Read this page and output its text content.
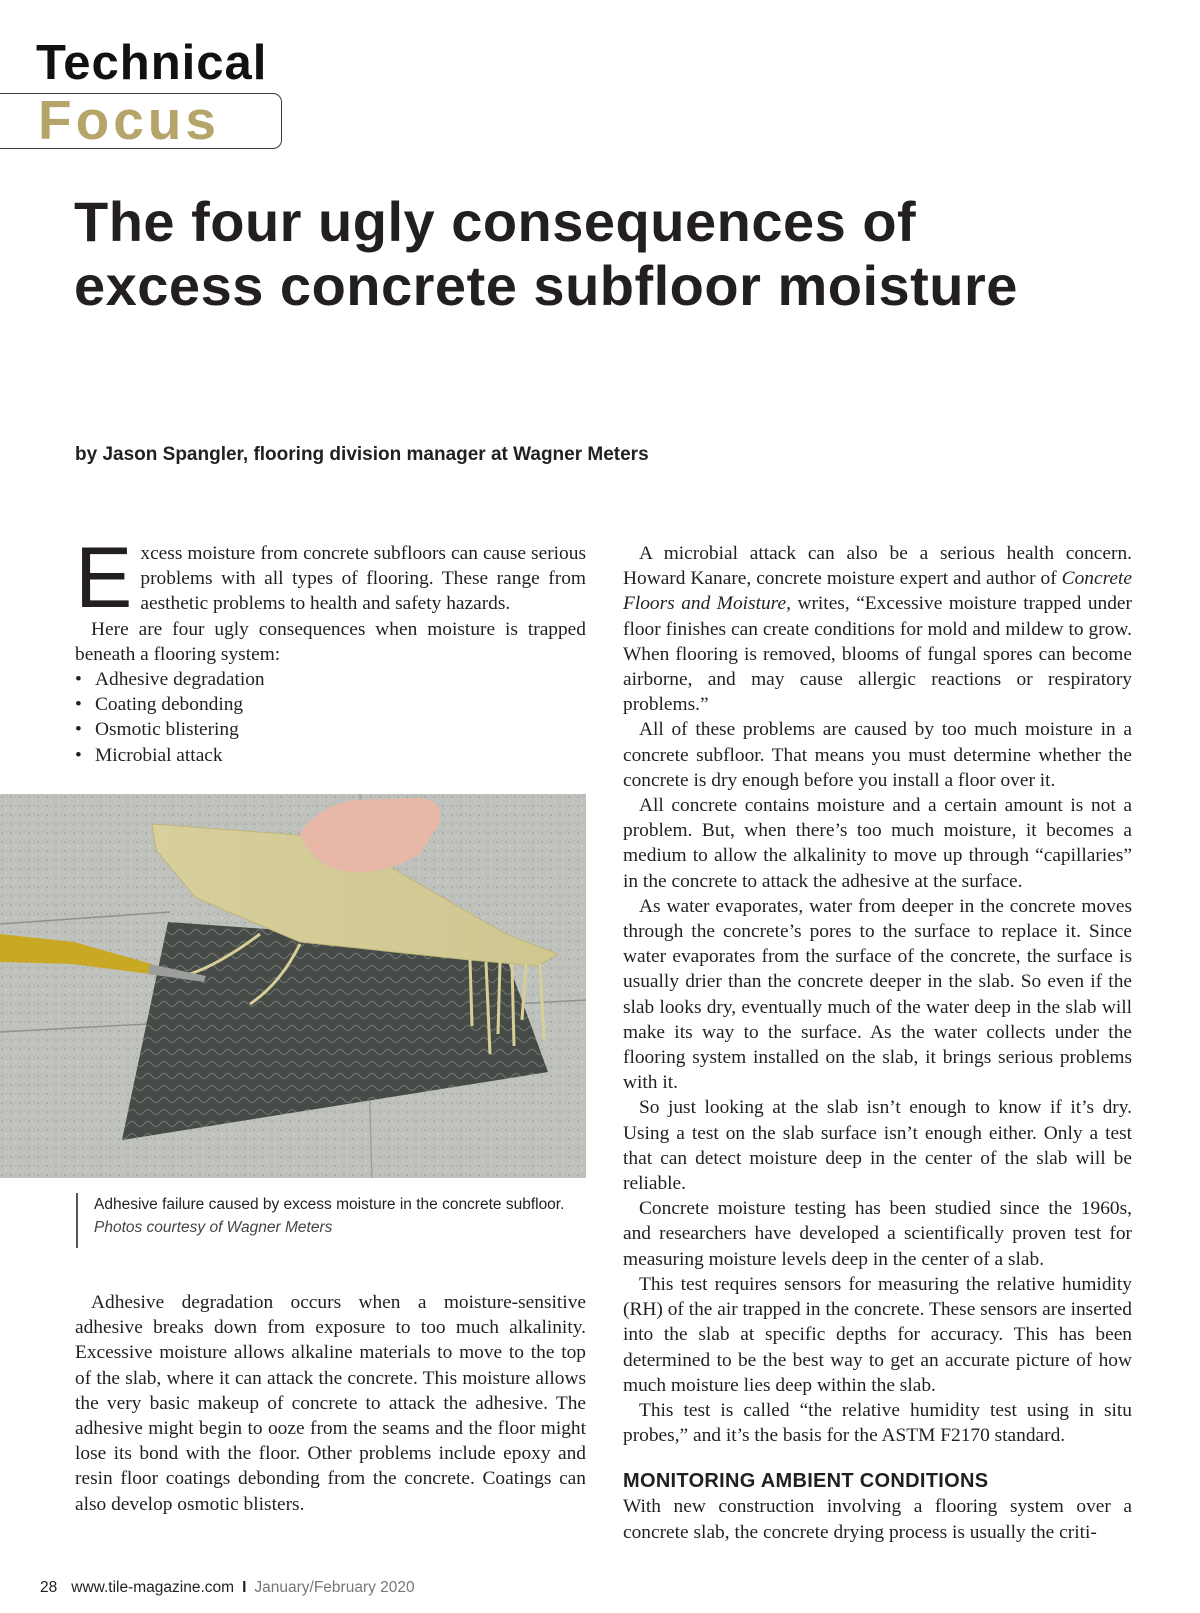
Technical
Focus
The four ugly consequences of excess concrete subfloor moisture
by Jason Spangler, flooring division manager at Wagner Meters

Excess moisture from concrete subfloors can cause serious problems with all types of flooring. These range from aesthetic problems to health and safety hazards.

Here are four ugly consequences when moisture is trapped beneath a flooring system:

• Adhesive degradation
• Coating debonding
• Osmotic blistering
• Microbial attack
Adhesive failure caused by excess moisture in the concrete subfloor.
Photos courtesy of Wagner Meters

Adhesive degradation occurs when a moisture-sensitive adhesive breaks down from exposure to too much alkalinity. Excessive moisture allows alkaline materials to move to the top of the slab, where it can attack the concrete. This moisture allows the very basic makeup of concrete to attack the adhesive. The adhesive might begin to ooze from the seams and the floor might lose its bond with the floor. Other problems include epoxy and resin floor coatings debonding from the concrete. Coatings can also develop osmotic blisters.

A microbial attack can also be a serious health concern. Howard Kanare, concrete moisture expert and author of Concrete Floors and Moisture, writes, “Excessive moisture trapped under floor finishes can create conditions for mold and mildew to grow. When flooring is removed, blooms of fungal spores can become airborne, and may cause allergic reactions or respiratory problems.”

All of these problems are caused by too much moisture in a concrete subfloor. That means you must determine whether the concrete is dry enough before you install a floor over it.

All concrete contains moisture and a certain amount is not a problem. But, when there’s too much moisture, it becomes a medium to allow the alkalinity to move up through “capillaries” in the concrete to attack the adhesive at the surface.

As water evaporates, water from deeper in the concrete moves through the concrete’s pores to the surface to replace it. Since water evaporates from the surface of the concrete, the surface is usually drier than the concrete deeper in the slab. So even if the slab looks dry, eventually much of the water deep in the slab will make its way to the surface. As the water collects under the flooring system installed on the slab, it brings serious problems with it.

So just looking at the slab isn’t enough to know if it’s dry. Using a test on the slab surface isn’t enough either. Only a test that can detect moisture deep in the center of the slab will be reliable.

Concrete moisture testing has been studied since the 1960s, and researchers have developed a scientifically proven test for measuring moisture levels deep in the center of a slab.

This test requires sensors for measuring the relative humidity (RH) of the air trapped in the concrete. These sensors are inserted into the slab at specific depths for accuracy. This has been determined to be the best way to get an accurate picture of how much moisture lies deep within the slab.

This test is called “the relative humidity test using in situ probes,” and it’s the basis for the ASTM F2170 standard.

MONITORING AMBIENT CONDITIONS

With new construction involving a flooring system over a concrete slab, the concrete drying process is usually the criti-

28 www.tile-magazine.com I January/February 2020
